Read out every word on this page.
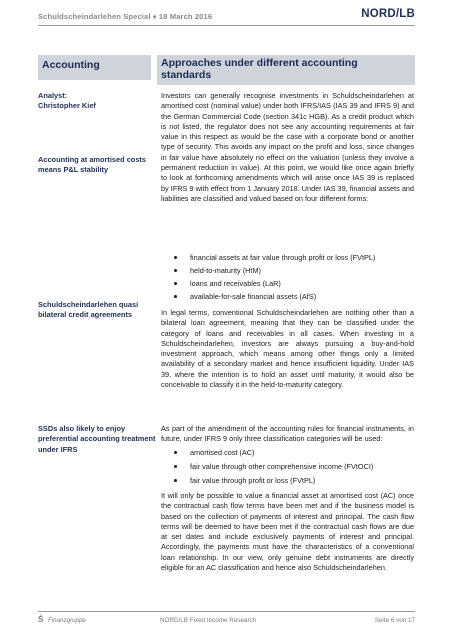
Schuldscheindarlehen Special ♦ 18 March 2016	NORD/LB
Accounting	Approaches under different accounting standards
Analyst:
Christopher Kief
Accounting at amortised costs means P&L stability
Schuldscheindarlehen quasi bilateral credit agreements
SSDs also likely to enjoy preferential accounting treatment under IFRS
Investors can generally recognise investments in Schuldscheindarlehen at amortised cost (nominal value) under both IFRS/IAS (IAS 39 and IFRS 9) and the German Commercial Code (section 341c HGB). As a credit product which is not listed, the regulator does not see any accounting requirements at fair value in this respect as would be the case with a corporate bond or another type of security. This avoids any impact on the profit and loss, since changes in fair value have absolutely no effect on the valuation (unless they involve a permanent reduction in value). At this point, we would like once again briefly to look at forthcoming amendments which will arise once IAS 39 is replaced by IFRS 9 with effect from 1 January 2018. Under IAS 39, financial assets and liabilities are classified and valued based on four different forms:
financial assets at fair value through profit or loss (FVtPL)
held-to-maturity (HtM)
loans and receivables (LaR)
available-for-sale financial assets (AfS)
In legal terms, conventional Schuldscheindarlehen are nothing other than a bilateral loan agreement, meaning that they can be classified under the category of loans and receivables in all cases. When investing in a Schuldscheindarlehen, investors are always pursuing a buy-and-hold investment approach, which means among other things only a limited availability of a secondary market and hence insufficient liquidity. Under IAS 39, where the intention is to hold an asset until maturity, it would also be conceivable to classify it in the held-to-maturity category.
As part of the amendment of the accounting rules for financial instruments, in future, under IFRS 9 only three classification categories will be used:
amortised cost (AC)
fair value through other comprehensive income (FVtOCI)
fair value through profit or loss (FVtPL)
It will only be possible to value a financial asset at amortised cost (AC) once the contractual cash flow terms have been met and if the business model is based on the collection of payments of interest and principal. The cash flow terms will be deemed to have been met if the contractual cash flows are due at set dates and include exclusively payments of interest and principal. Accordingly, the payments must have the characteristics of a conventional loan relationship. In our view, only genuine debt instruments are directly eligible for an AC classification and hence also Schuldscheindarlehen.
Ś Finanzgruppe	NORD/LB Fixed Income Research	Seite 6 von 17
